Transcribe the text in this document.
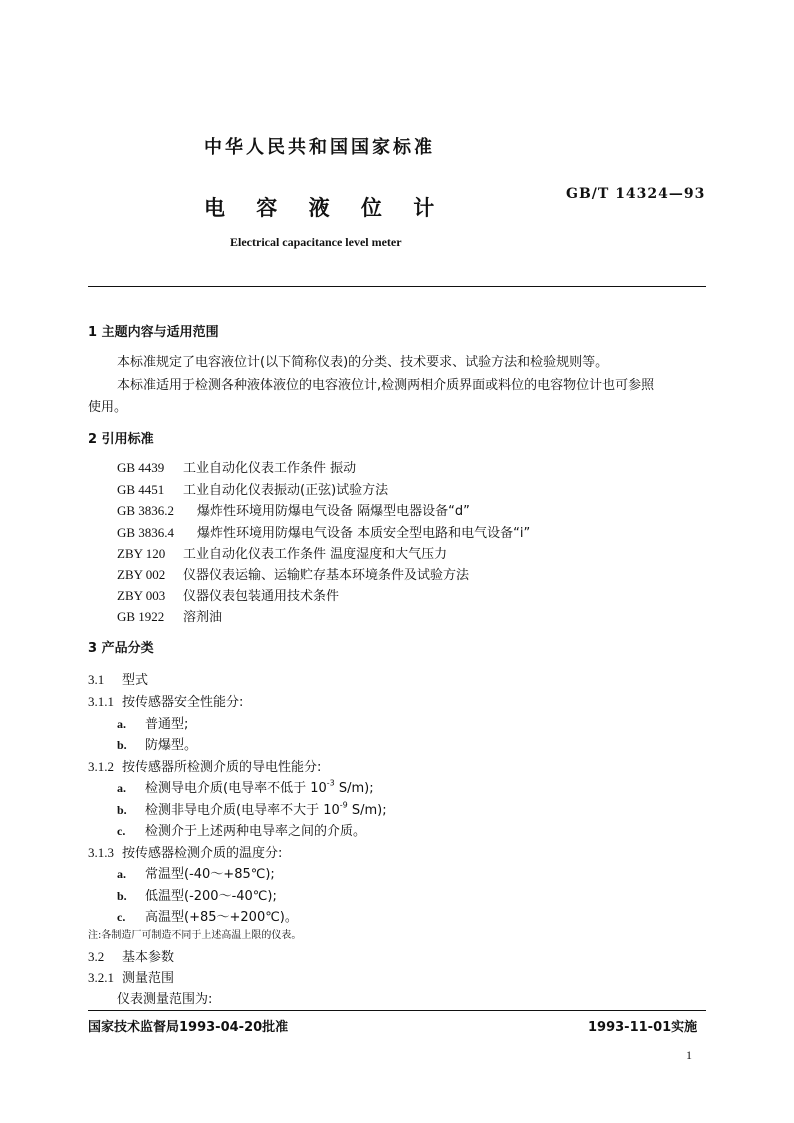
中华人民共和国国家标准
电 容 液 位 计
GB/T 14324—93
Electrical capacitance level meter
1 主题内容与适用范围
本标准规定了电容液位计(以下简称仪表)的分类、技术要求、试验方法和检验规则等。
本标准适用于检测各种液体液位的电容液位计,检测两相介质界面或料位的电容物位计也可参照
使用。
2 引用标准
GB 4439 工业自动化仪表工作条件 振动
GB 4451 工业自动化仪表振动(正弦)试验方法
GB 3836.2 爆炸性环境用防爆电气设备 隔爆型电器设备“d”
GB 3836.4 爆炸性环境用防爆电气设备 本质安全型电路和电气设备“i”
ZBY 120 工业自动化仪表工作条件 温度湿度和大气压力
ZBY 002 仪器仪表运输、运输贮存基本环境条件及试验方法
ZBY 003 仪器仪表包装通用技术条件
GB 1922 溶剂油
3 产品分类
3.1 型式
3.1.1 按传感器安全性能分:
a. 普通型;
b. 防爆型。
3.1.2 按传感器所检测介质的导电性能分:
a. 检测导电介质(电导率不低于 $10^{-3}$ S/m);
b. 检测非导电介质(电导率不大于 $10^{-9}$ S/m);
c. 检测介于上述两种电导率之间的介质。
3.1.3 按传感器检测介质的温度分:
a. 常温型(-40～+85℃);
b. 低温型(-200～-40℃);
c. 高温型(+85～+200℃)。
注:各制造厂可制造不同于上述高温上限的仪表。
3.2 基本参数
3.2.1 测量范围
仪表测量范围为:
国家技术监督局1993-04-20批准	1993-11-01实施
1
